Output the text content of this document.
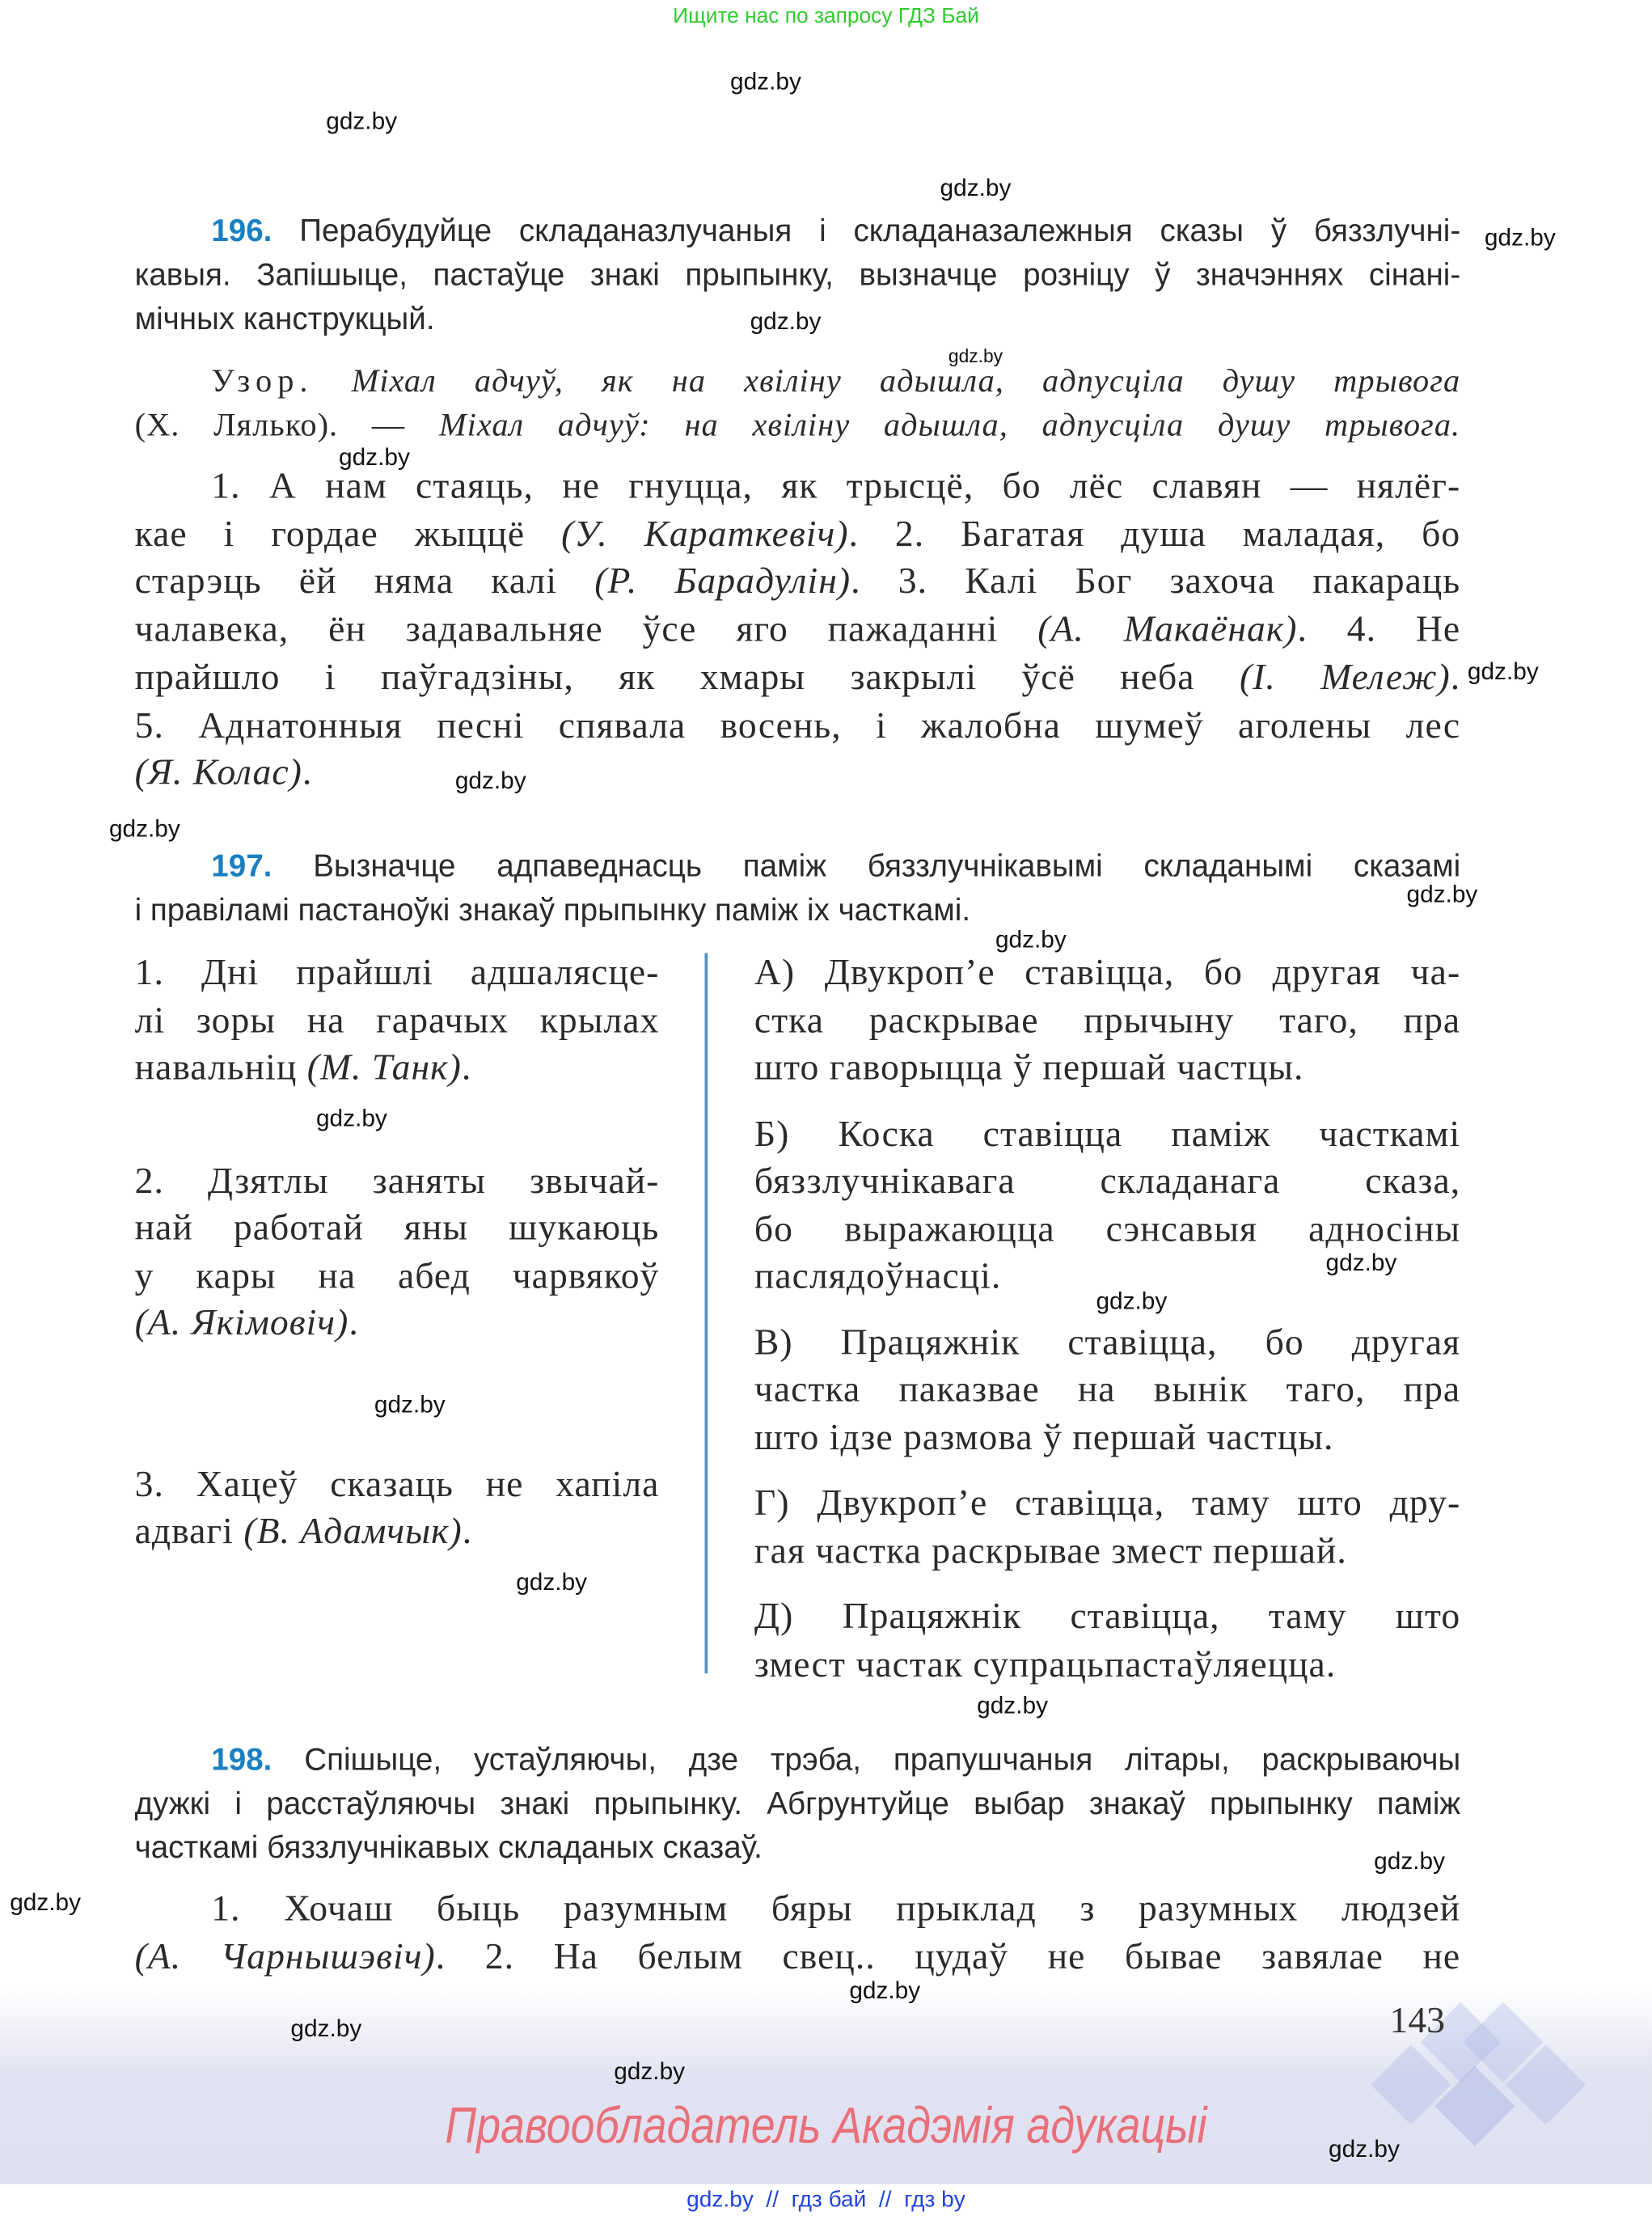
Ищите нас по запросу ГДЗ Бай
196. Перабудуйце складаназлучаныя і складаназалежныя сказы ў бяззлучні-
кавыя. Запішыце, пастаўце знакі прыпынку, вызначце розніцу ў значэннях сінані-
мічных канструкцый.
Узор. Міхал адчуў, як на хвіліну адышла, адпусціла душу трывога
(Х. Лялько). — Міхал адчуў: на хвіліну адышла, адпусціла душу трывога.
1. А нам стаяць, не гнуцца, як трысцё, бо лёс славян — нялёг-
кае і гордае жыццё (У. Караткевіч). 2. Багатая душа маладая, бо
старэць ёй няма калі (Р. Барадулін). 3. Калі Бог захоча пакараць
чалавека, ён задавальняе ўсе яго пажаданні (А. Макаёнак). 4. Не
прайшло і паўгадзіны, як хмары закрылі ўсё неба (І. Мележ).
5. Аднатонныя песні спявала восень, і жалобна шумеў аголены лес
(Я. Колас).
197. Вызначце адпаведнасць паміж бяззлучнікавымі складанымі сказамі
і правіламі пастаноўкі знакаў прыпынку паміж іх часткамі.
1. Дні прайшлі адшалясце-
лі зоры на гарачых крылах
навальніц (М. Танк).
2. Дзятлы заняты звычай-
най работай яны шукаюць
у кары на абед чарвякоў
(А. Якімовіч).
3. Хацеў сказаць не хапіла
адвагі (В. Адамчык).
А) Двукроп’е ставіцца, бо другая ча-
стка раскрывае прычыну таго, пра
што гаворыцца ў першай частцы.
Б) Коска ставіцца паміж часткамі
бяззлучнікавага складанага сказа,
бо выражаюцца сэнсавыя адносіны
паслядоўнасці.
В) Працяжнік ставіцца, бо другая
частка паказвае на вынік таго, пра
што ідзе размова ў першай частцы.
Г) Двукроп’е ставіцца, таму што дру-
гая частка раскрывае змест першай.
Д) Працяжнік ставіцца, таму што
змест частак супрацьпастаўляецца.
198. Спішыце, устаўляючы, дзе трэба, прапушчаныя літары, раскрываючы
дужкі і расстаўляючы знакі прыпынку. Абгрунтуйце выбар знакаў прыпынку паміж
часткамі бяззлучнікавых складаных сказаў.
1. Хочаш быць разумным бяры прыклад з разумных людзей
(А. Чарнышэвіч). 2. На белым свец.. цудаў не бывае завялае не
143
Правообладатель Акадэмія адукацыі
gdz.by  //  гдз бай  //  гдз by
gdz.by
gdz.by
gdz.by
gdz.by
gdz.by
gdz.by
gdz.by
gdz.by
gdz.by
gdz.by
gdz.by
gdz.by
gdz.by
gdz.by
gdz.by
gdz.by
gdz.by
gdz.by
gdz.by
gdz.by
gdz.by
gdz.by
gdz.by
gdz.by
